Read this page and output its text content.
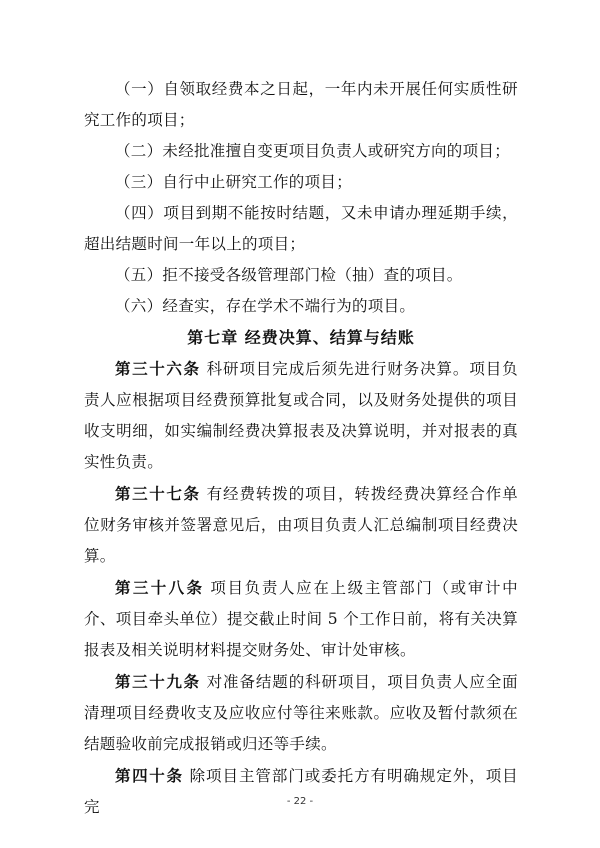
（一）自领取经费本之日起，一年内未开展任何实质性研究工作的项目；

（二）未经批准擅自变更项目负责人或研究方向的项目；

（三）自行中止研究工作的项目；

（四）项目到期不能按时结题，又未申请办理延期手续，超出结题时间一年以上的项目；

（五）拒不接受各级管理部门检（抽）查的项目。

（六）经查实，存在学术不端行为的项目。

第七章 经费决算、结算与结账

第三十六条 科研项目完成后须先进行财务决算。项目负责人应根据项目经费预算批复或合同，以及财务处提供的项目收支明细，如实编制经费决算报表及决算说明，并对报表的真实性负责。

第三十七条 有经费转拨的项目，转拨经费决算经合作单位财务审核并签署意见后，由项目负责人汇总编制项目经费决算。

第三十八条 项目负责人应在上级主管部门（或审计中介、项目牵头单位）提交截止时间 5 个工作日前，将有关决算报表及相关说明材料提交财务处、审计处审核。

第三十九条 对准备结题的科研项目，项目负责人应全面清理项目经费收支及应收应付等往来账款。应收及暂付款须在结题验收前完成报销或归还等手续。

第四十条 除项目主管部门或委托方有明确规定外，项目完	- 22 -
